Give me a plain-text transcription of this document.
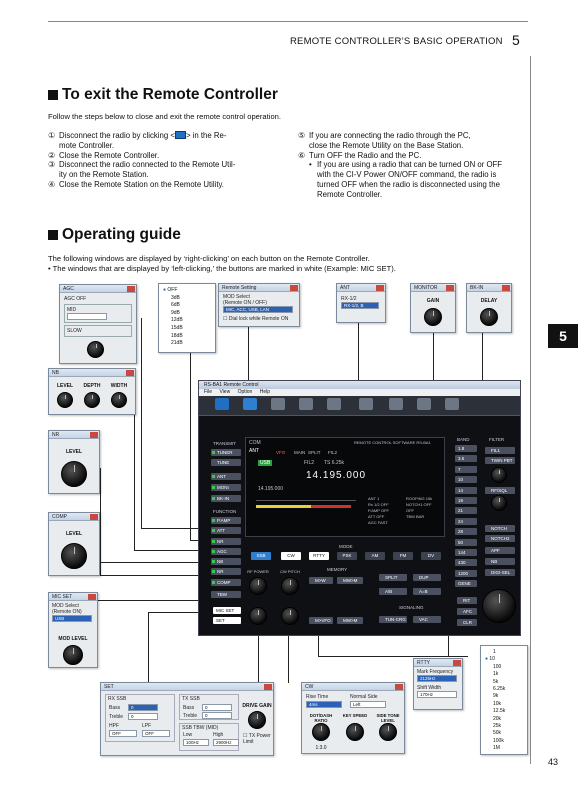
REMOTE CONTROLLER’S BASIC OPERATION 5
5
To exit the Remote Controller
Follow the steps below to close and exit the remote control operation.
① Disconnect the radio by clicking < > in the Re-
mote Controller.
② Close the Remote Controller.
③ Disconnect the radio connected to the Remote Util-
ity on the Remote Station.
④ Close the Remote Station on the Remote Utility.
⑤ If you are connecting the radio through the PC,
close the Remote Utility on the Base Station.
⑥ Turn OFF the Radio and the PC.
• If you are using a radio that can be turned ON or OFF
with the CI-V Power ON/OFF command, the radio is
turned OFF when the radio is disconnected using the
Remote Controller.
Operating guide
The following windows are displayed by ‘right-clicking’ on each button on the Remote Controller.
• The windows that are displayed by ‘left-clicking,’ the buttons are marked in white (Example: MIC SET).
AGC
AGC OFF
MID
SLOW
● OFF
3dB
6dB
9dB
12dB
15dB
18dB
21dB
Remote Setting
MOD Select
(Remote ON / OFF)
MIC, ACC, USB, LAN
☐ Dial lock while Remote ON
ANT
RX-1/2
RX-1/2, B
MONITOR
GAIN
BK-IN
DELAY
NB
LEVEL	DEPTH	WIDTH
NR
LEVEL
COMP
LEVEL
MIC SET
MOD Select
(Remote ON)
USB
MOD LEVEL
RS-BA1 Remote Control
File View Option Help
TRANSMIT
TUNER
TUNE
ANT
MONI
BK-IN
FUNCTION
P.AMP
ATT
NR
AGC
NB
NR
COMP
TBW
MIC SET
SET
COM	REMOTE CONTROL SOFTWARE RS-BA1
VFO MAIN SPLIT FIL2
ANT
USB	FIL2 TS 6.25k
14.195.000
14.195.000
ANT 1
Rx 1/2 OFF
P.AMP OFF
ATT OFF
AGC FAST
ROOFING 15k
NOTCH1 OFF
OFF
TBW BAR
MODE
SSB	CW	RTTY	PSK	AM	FM	DV
RF POWER	CW PITCH	MEMORY
M>W	MW>M
M>VFO	MW>M
SPLIT	DUP
A/B	A=B
SIGNALING
TUN-CRG	VAC
BAND	FILTER
FIL1
TWIN PBT
RF/SQL
NOTCH
NOTCH2
APF
NB
DIGI-SEL
RIT
AFC
CLR
1.8
3.5
7
10
14
18
21
24
28
50
144
430
1200
GENE
SET
RX SSB
Bass	0
Treble	0
HPF	LPF
OFF	OFF
TX SSB
Bass	0
Treble	0
SSB TBW (MID)
Low	High
100Hz	2900Hz
DRIVE GAIN
☐ TX Power Limit
CW
Rise Time
4ms
Normal Side
Left
DOT/DASH RATIO
KEY SPEED	SIDE TONE LEVEL
1:3.0
RTTY
Mark Frequency
2125Hz
Shift Width
170Hz
1
● 10
100
1k
5k
6.25k
9k
10k
12.5k
20k
25k
50k
100k
1M
43
